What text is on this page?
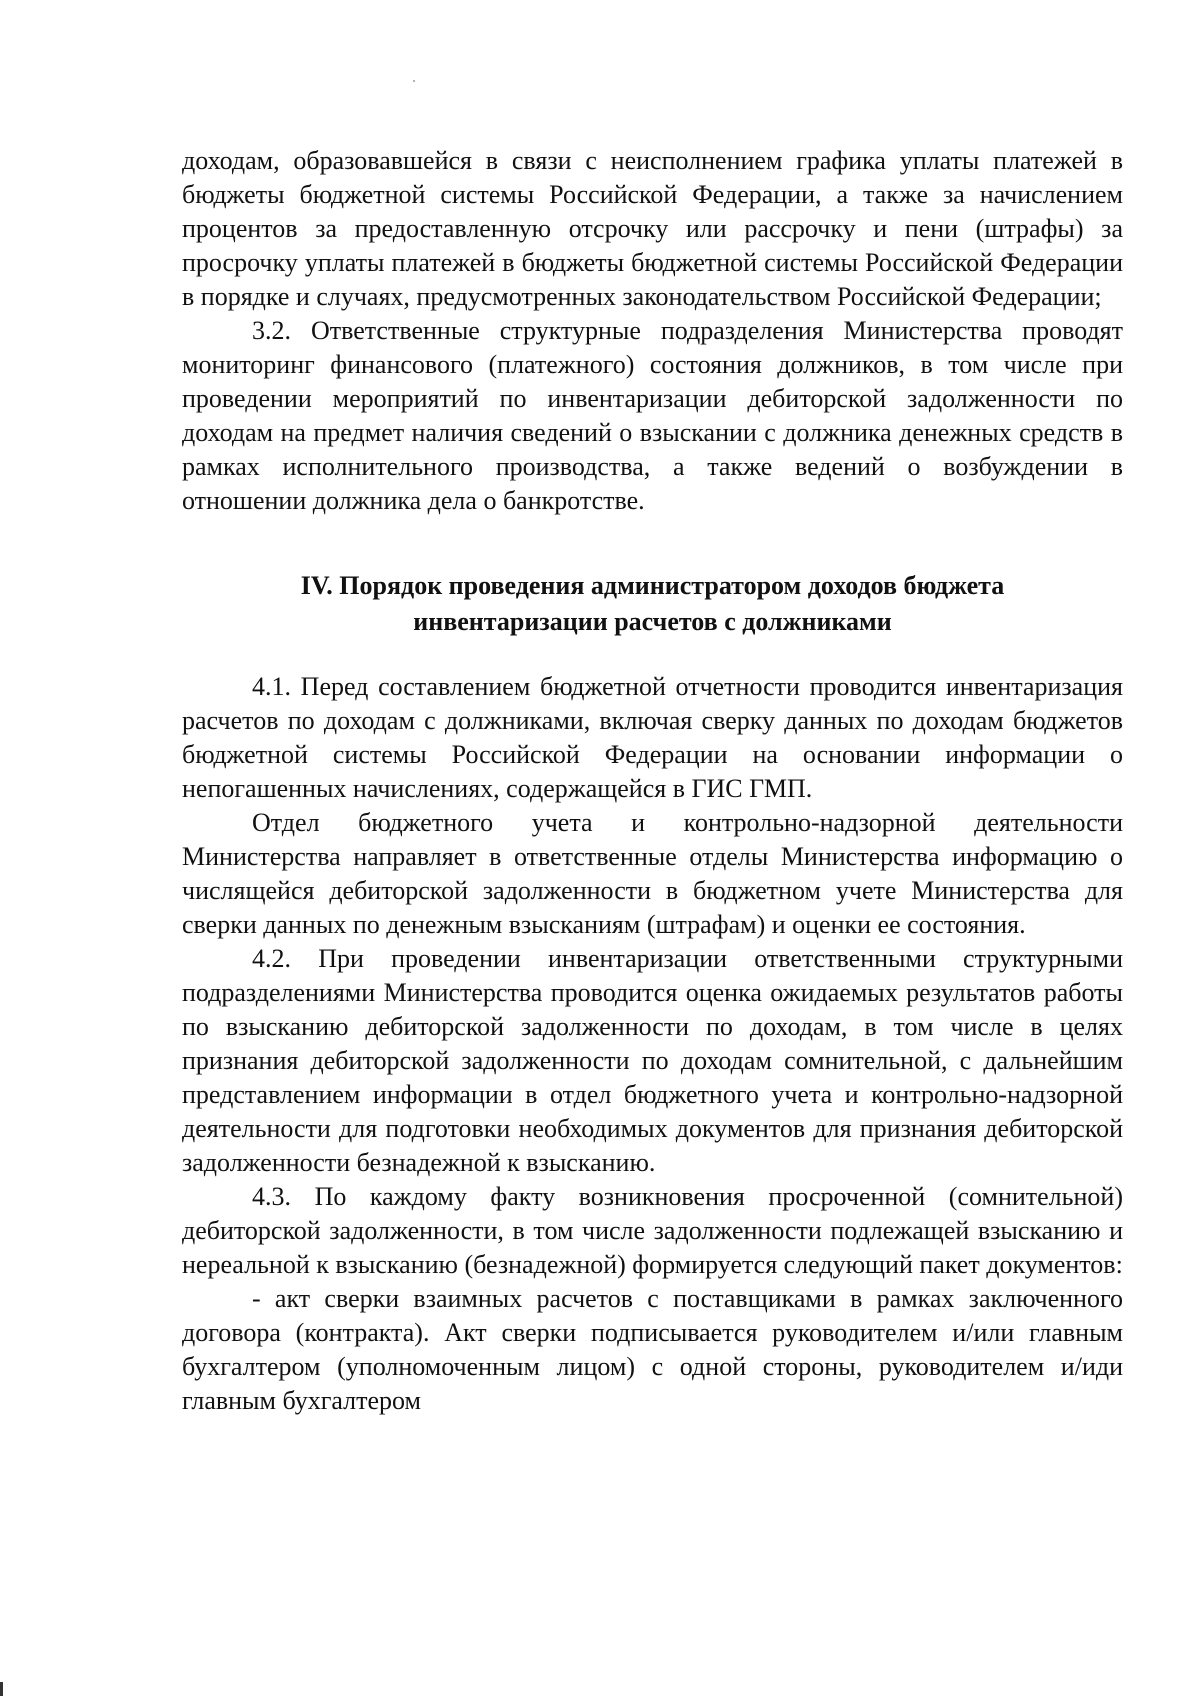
доходам, образовавшейся в связи с неисполнением графика уплаты платежей в бюджеты бюджетной системы Российской Федерации, а также за начислением процентов за предоставленную отсрочку или рассрочку и пени (штрафы) за просрочку уплаты платежей в бюджеты бюджетной системы Российской Федерации в порядке и случаях, предусмотренных законодательством Российской Федерации;

3.2. Ответственные структурные подразделения Министерства проводят мониторинг финансового (платежного) состояния должников, в том числе при проведении мероприятий по инвентаризации дебиторской задолженности по доходам на предмет наличия сведений о взыскании с должника денежных средств в рамках исполнительного производства, а также ведений о возбуждении в отношении должника дела о банкротстве.

IV. Порядок проведения администратором доходов бюджета
инвентаризации расчетов с должниками

4.1. Перед составлением бюджетной отчетности проводится инвентаризация расчетов по доходам с должниками, включая сверку данных по доходам бюджетов бюджетной системы Российской Федерации на основании информации о непогашенных начислениях, содержащейся в ГИС ГМП.

Отдел бюджетного учета и контрольно-надзорной деятельности Министерства направляет в ответственные отделы Министерства информацию о числящейся дебиторской задолженности в бюджетном учете Министерства для сверки данных по денежным взысканиям (штрафам) и оценки ее состояния.

4.2. При проведении инвентаризации ответственными структурными подразделениями Министерства проводится оценка ожидаемых результатов работы по взысканию дебиторской задолженности по доходам, в том числе в целях признания дебиторской задолженности по доходам сомнительной, с дальнейшим представлением информации в отдел бюджетного учета и контрольно-надзорной деятельности для подготовки необходимых документов для признания дебиторской задолженности безнадежной к взысканию.

4.3. По каждому факту возникновения просроченной (сомнительной) дебиторской задолженности, в том числе задолженности подлежащей взысканию и нереальной к взысканию (безнадежной) формируется следующий пакет документов:

- акт сверки взаимных расчетов с поставщиками в рамках заключенного договора (контракта). Акт сверки подписывается руководителем и/или главным бухгалтером (уполномоченным лицом) с одной стороны, руководителем и/иди главным бухгалтером
